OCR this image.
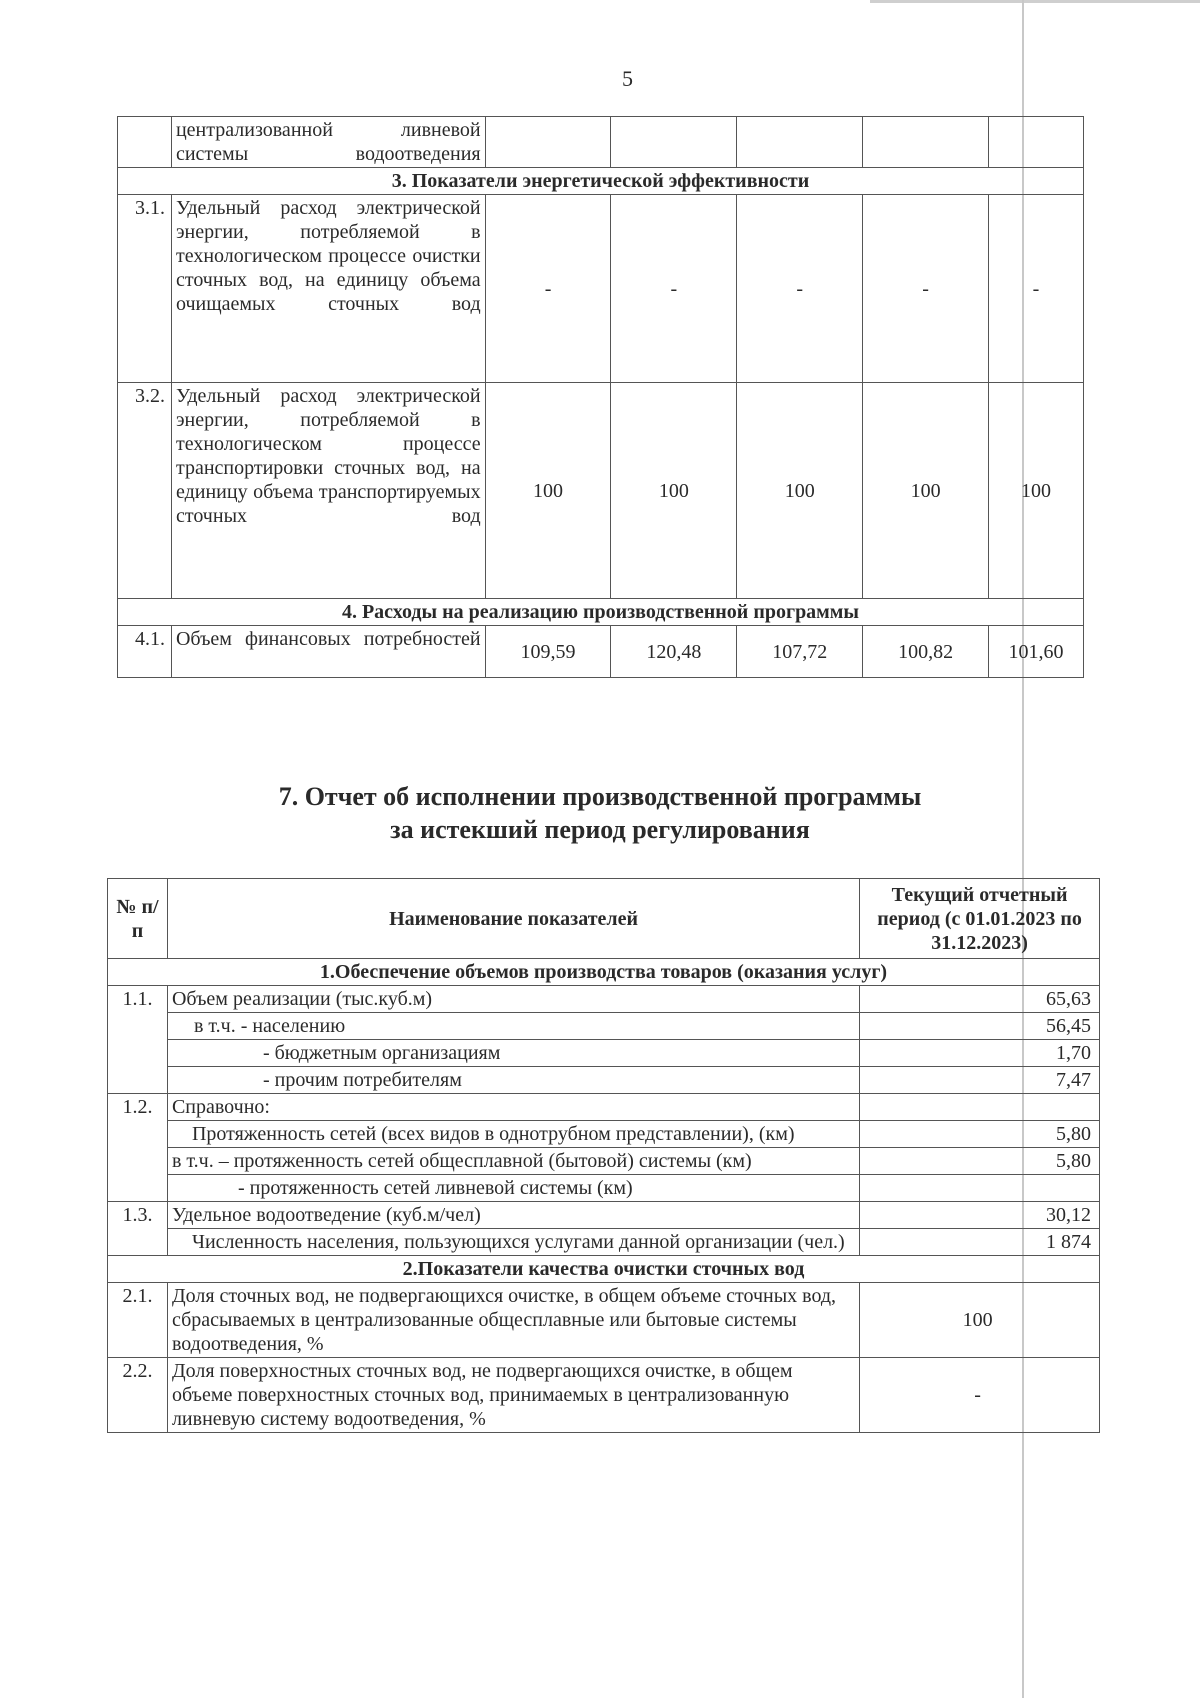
5
	централизованной ливневой системы водоотведения					
3. Показатели энергетической эффективности						
3.1.	Удельный расход электрической энергии, потребляемой в технологическом процессе очистки сточных вод, на единицу объема очищаемых сточных вод	-	-	-	-	-
3.2.	Удельный расход электрической энергии, потребляемой в технологическом процессе транспортировки сточных вод, на единицу объема транспортируемых сточных вод	100	100	100	100	100
4. Расходы на реализацию производственной программы						
4.1.	Объем финансовых потребностей	109,59	120,48	107,72	100,82	101,60
7. Отчет об исполнении производственной программы
за истекший период регулирования
№ п/п	Наименование показателей	Текущий отчетный период (с 01.01.2023 по 31.12.2023)
1.Обеспечение объемов производства товаров (оказания услуг)		
1.1.	Объем реализации (тыс.куб.м)	65,63
	в т.ч. - населению	56,45
	- бюджетным организациям	1,70
	- прочим потребителям	7,47
1.2.	Справочно:	
	Протяженность сетей (всех видов в однотрубном представлении), (км)	5,80
	в т.ч. – протяженность сетей общесплавной (бытовой) системы (км)	5,80
	- протяженность сетей ливневой системы (км)	
1.3.	Удельное водоотведение (куб.м/чел)	30,12
	Численность населения, пользующихся услугами данной организации (чел.)	1 874
2.Показатели качества очистки сточных вод		
2.1.	Доля сточных вод, не подвергающихся очистке, в общем объеме сточных вод, сбрасываемых в централизованные общесплавные или бытовые системы водоотведения, %	100
2.2.	Доля поверхностных сточных вод, не подвергающихся очистке, в общем объеме поверхностных сточных вод, принимаемых в централизованную ливневую систему водоотведения, %	-
